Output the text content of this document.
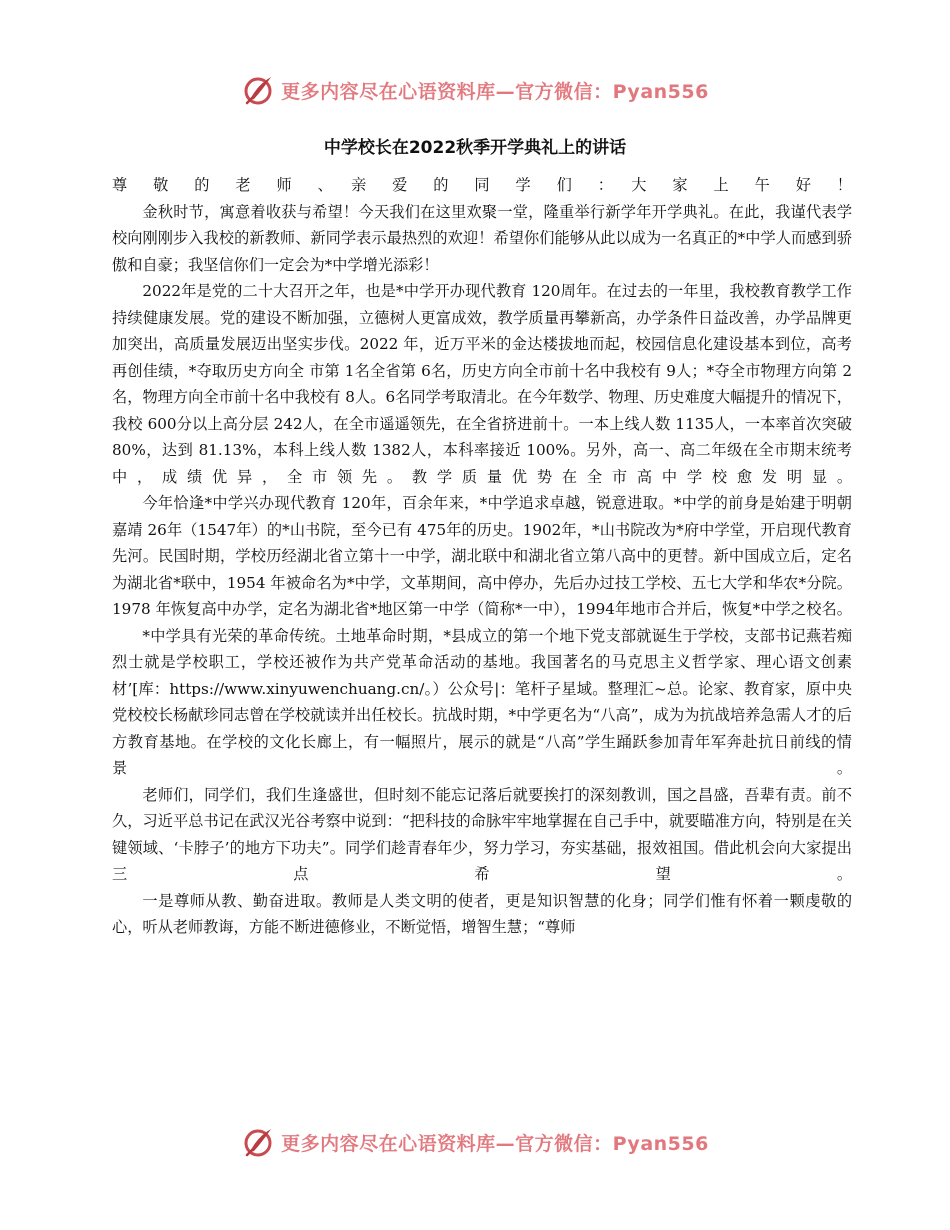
更多内容尽在心语资料库—官方微信：Pyan556
中学校长在2022秋季开学典礼上的讲话

尊　敬　的　老　师　、　亲　爱　的　同　学　们　：　大　家　上　午　好　！

金秋时节，寓意着收获与希望！今天我们在这里欢聚一堂，隆重举行新学年开学典礼。在此，我谨代表学校向刚刚步入我校的新教师、新同学表示最热烈的欢迎！希望你们能够从此以成为一名真正的*中学人而感到骄傲和自豪；我坚信你们一定会为*中学增光添彩！

2022年是党的二十大召开之年，也是*中学开办现代教育 120周年。在过去的一年里，我校教育教学工作持续健康发展。党的建设不断加强，立德树人更富成效，教学质量再攀新高，办学条件日益改善，办学品牌更加突出，高质量发展迈出坚实步伐。2022 年，近万平米的金达楼拔地而起，校园信息化建设基本到位，高考再创佳绩，*夺取历史方向全 市第 1名全省第 6名，历史方向全市前十名中我校有 9人；*夺全市物理方向第 2名，物理方向全市前十名中我校有 8人。6名同学考取清北。在今年数学、物理、历史难度大幅提升的情况下，我校 600分以上高分层 242人，在全市遥遥领先，在全省挤进前十。一本上线人数 1135人，一本率首次突破 80%，达到 81.13%，本科上线人数 1382人，本科率接近 100%。另外，高一、高二年级在全市期末统考中，成绩优异，全市领先。教学质量优势在全市高中学校愈发明显。

今年恰逢*中学兴办现代教育 120年，百余年来，*中学追求卓越，锐意进取。*中学的前身是始建于明朝嘉靖 26年（1547年）的*山书院，至今已有 475年的历史。1902年，*山书院改为*府中学堂，开启现代教育先河。民国时期，学校历经湖北省立第十一中学，湖北联中和湖北省立第八高中的更替。新中国成立后，定名为湖北省*联中，1954 年被命名为*中学，文革期间，高中停办，先后办过技工学校、五七大学和华农*分院。1978 年恢复高中办学，定名为湖北省*地区第一中学（简称*一中），1994年地市合并后，恢复*中学之校名。

*中学具有光荣的革命传统。土地革命时期，*县成立的第一个地下党支部就诞生于学校，支部书记燕若痴烈士就是学校职工，学校还被作为共产党革命活动的基地。我国著名的马克思主义哲学家、理心语文创素材’[库：https://www.xinyuwenchuang.cn/。）公众号|：笔杆子星域。整理汇~总。论家、教育家，原中央党校校长杨献珍同志曾在学校就读并出任校长。抗战时期，*中学更名为“八高”，成为为抗战培养急需人才的后方教育基地。在学校的文化长廊上，有一幅照片，展示的就是“八高”学生踊跃参加青年军奔赴抗日前线的情景。

老师们，同学们，我们生逢盛世，但时刻不能忘记落后就要挨打的深刻教训，国之昌盛，吾辈有责。前不久，习近平总书记在武汉光谷考察中说到：“把科技的命脉牢牢地掌握在自己手中，就要瞄准方向，特别是在关键领域、‘卡脖子’的地方下功夫”。同学们趁青春年少，努力学习，夯实基础，报效祖国。借此机会向大家提出三点希望。

一是尊师从教、勤奋进取。教师是人类文明的使者，更是知识智慧的化身；同学们惟有怀着一颗虔敬的心，听从老师教诲，方能不断进德修业，不断觉悟，增智生慧；“尊师

更多内容尽在心语资料库—官方微信：Pyan556
